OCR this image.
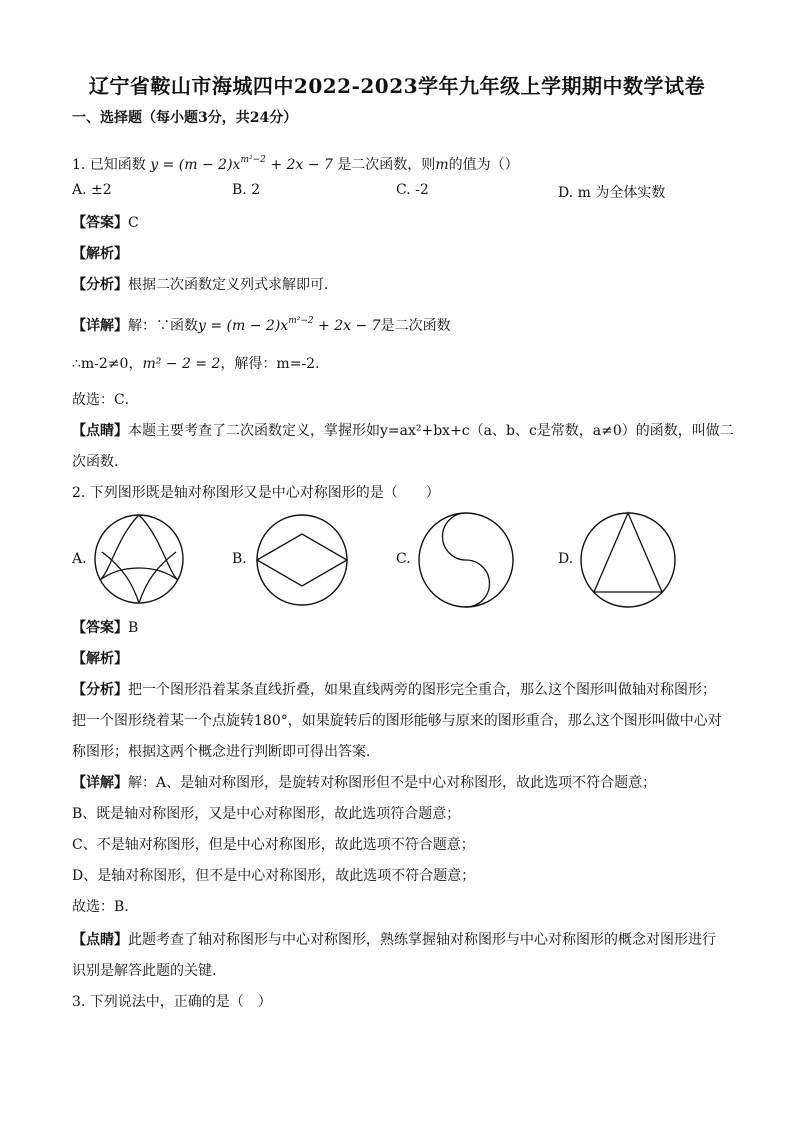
辽宁省鞍山市海城四中2022-2023学年九年级上学期期中数学试卷
一、选择题（每小题3分，共24分）
1. 已知函数 $y = (m - 2)x^{m^2-2} + 2x - 7$ 是二次函数，则m的值为（）
A. ±2	B. 2	C. -2	D. m 为全体实数
【答案】C
【解析】
【分析】根据二次函数定义列式求解即可．
【详解】解：∵函数$y = (m - 2)x^{m^2-2} + 2x - 7$是二次函数
∴m-2≠0，m² − 2 = 2，解得：m=-2.
故选：C．
【点睛】本题主要考查了二次函数定义，掌握形如y=ax²+bx+c（a、b、c是常数，a≠0）的函数，叫做二
次函数.
2. 下列图形既是轴对称图形又是中心对称图形的是（　　）
A.	B.	C.	D.
【答案】B
【解析】
【分析】把一个图形沿着某条直线折叠，如果直线两旁的图形完全重合，那么这个图形叫做轴对称图形；
把一个图形绕着某一个点旋转180°，如果旋转后的图形能够与原来的图形重合，那么这个图形叫做中心对
称图形；根据这两个概念进行判断即可得出答案．
【详解】解：A、是轴对称图形，是旋转对称图形但不是中心对称图形，故此选项不符合题意；
B、既是轴对称图形，又是中心对称图形，故此选项符合题意；
C、不是轴对称图形，但是中心对称图形，故此选项不符合题意；
D、是轴对称图形，但不是中心对称图形，故此选项不符合题意；
故选：B．
【点睛】此题考查了轴对称图形与中心对称图形，熟练掌握轴对称图形与中心对称图形的概念对图形进行
识别是解答此题的关键.
3. 下列说法中，正确的是（　）
